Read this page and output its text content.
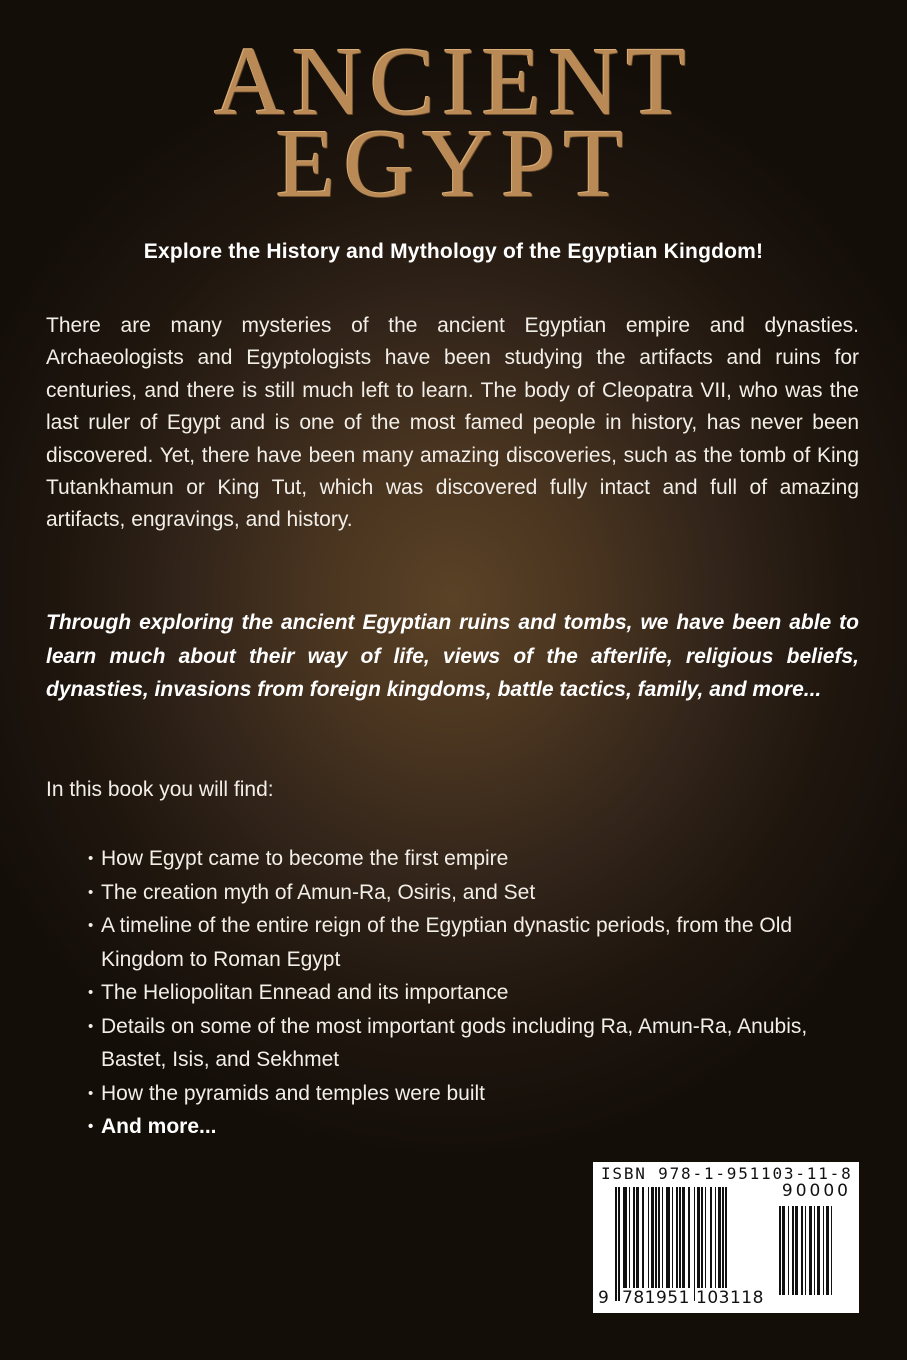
ANCIENT
EGYPT
Explore the History and Mythology of the Egyptian Kingdom!

There are many mysteries of the ancient Egyptian empire and dynasties. Archaeologists and Egyptologists have been studying the artifacts and ruins for centuries, and there is still much left to learn. The body of Cleopatra VII, who was the last ruler of Egypt and is one of the most famed people in history, has never been discovered. Yet, there have been many amazing discoveries, such as the tomb of King Tutankhamun or King Tut, which was discovered fully intact and full of amazing artifacts, engravings, and history.

Through exploring the ancient Egyptian ruins and tombs, we have been able to learn much about their way of life, views of the afterlife, religious beliefs, dynasties, invasions from foreign kingdoms, battle tactics, family, and more...

In this book you will find:
• How Egypt came to become the first empire
• The creation myth of Amun-Ra, Osiris, and Set
• A timeline of the entire reign of the Egyptian dynastic periods, from the Old Kingdom to Roman Egypt
• The Heliopolitan Ennead and its importance
• Details on some of the most important gods including Ra, Amun-Ra, Anubis, Bastet, Isis, and Sekhmet
• How the pyramids and temples were built
• And more...
ISBN 978-1-951103-11-8
90000
9 781951 103118
